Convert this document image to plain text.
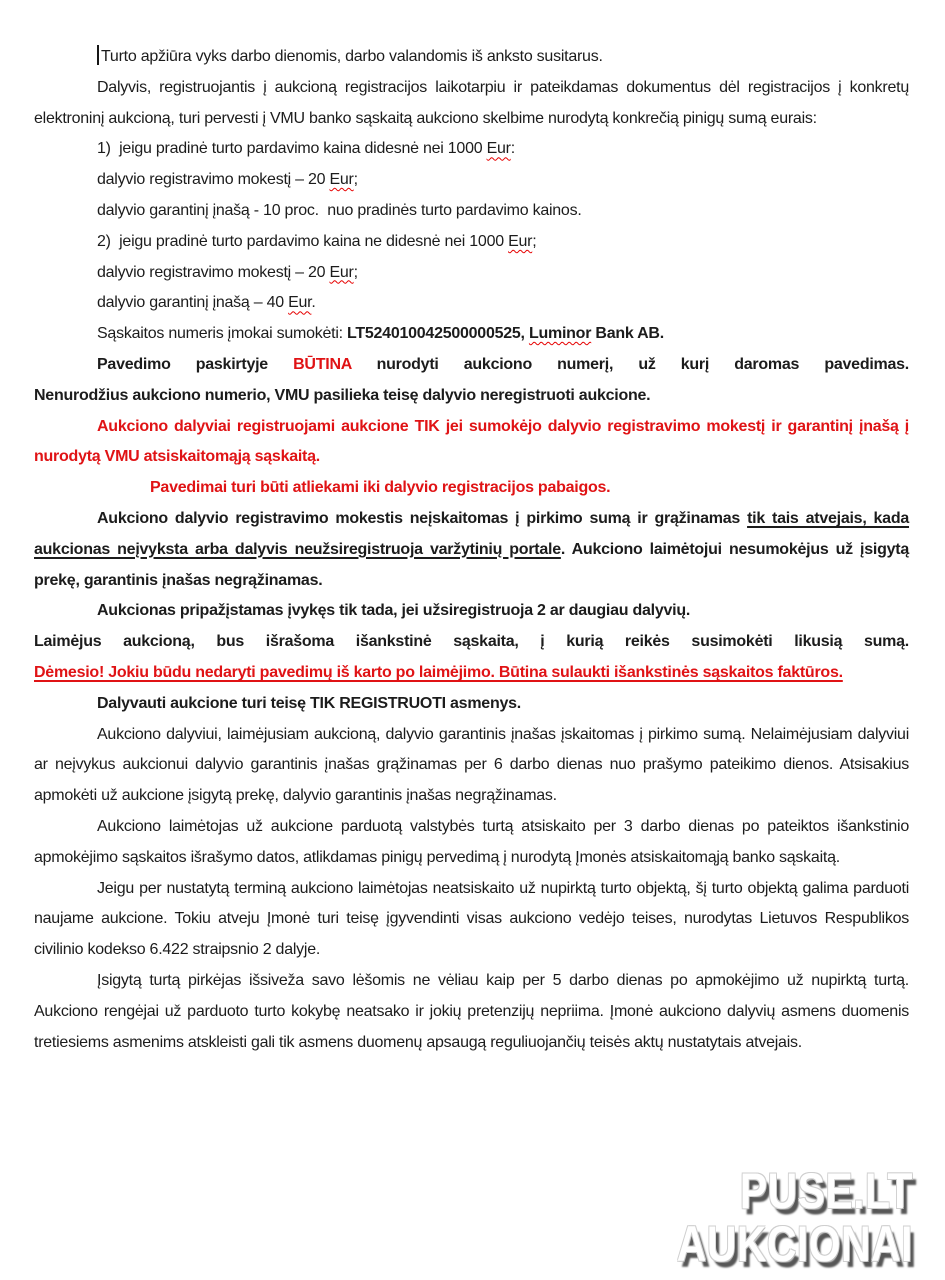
Turto apžiūra vyks darbo dienomis, darbo valandomis iš anksto susitarus.

Dalyvis, registruojantis į aukcioną registracijos laikotarpiu ir pateikdamas dokumentus dėl registracijos į konkretų elektroninį aukcioną, turi pervesti į VMU banko sąskaitą aukciono skelbime nurodytą konkrečią pinigų sumą eurais:

1)  jeigu pradinė turto pardavimo kaina didesnė nei 1000 Eur:

dalyvio registravimo mokestį – 20 Eur;

dalyvio garantinį įnašą - 10 proc.  nuo pradinės turto pardavimo kainos.

2)  jeigu pradinė turto pardavimo kaina ne didesnė nei 1000 Eur;

dalyvio registravimo mokestį – 20 Eur;

dalyvio garantinį įnašą – 40 Eur.

Sąskaitos numeris įmokai sumokėti: LT524010042500000525, Luminor Bank AB.

Pavedimo paskirtyje BŪTINA nurodyti aukciono numerį, už kurį daromas pavedimas.

Nenurodžius aukciono numerio, VMU pasilieka teisę dalyvio neregistruoti aukcione.

Aukciono dalyviai registruojami aukcione TIK jei sumokėjo dalyvio registravimo mokestį ir garantinį įnašą į nurodytą VMU atsiskaitomąją sąskaitą.

Pavedimai turi būti atliekami iki dalyvio registracijos pabaigos.

Aukciono dalyvio registravimo mokestis neįskaitomas į pirkimo sumą ir grąžinamas tik tais atvejais, kada aukcionas neįvyksta arba dalyvis neužsiregistruoja varžytinių portale. Aukciono laimėtojui nesumokėjus už įsigytą prekę, garantinis įnašas negrąžinamas.

Aukcionas pripažįstamas įvykęs tik tada, jei užsiregistruoja 2 ar daugiau dalyvių.

Laimėjus aukcioną, bus išrašoma išankstinė sąskaita, į kurią reikės susimokėti likusią sumą.

Dėmesio! Jokiu būdu nedaryti pavedimų iš karto po laimėjimo. Būtina sulaukti išankstinės sąskaitos faktūros.

Dalyvauti aukcione turi teisę TIK REGISTRUOTI asmenys.

Aukciono dalyviui, laimėjusiam aukcioną, dalyvio garantinis įnašas įskaitomas į pirkimo sumą. Nelaimėjusiam dalyviui ar neįvykus aukcionui dalyvio garantinis įnašas grąžinamas per 6 darbo dienas nuo prašymo pateikimo dienos. Atsisakius apmokėti už aukcione įsigytą prekę, dalyvio garantinis įnašas negrąžinamas.

Aukciono laimėtojas už aukcione parduotą valstybės turtą atsiskaito per 3 darbo dienas po pateiktos išankstinio apmokėjimo sąskaitos išrašymo datos, atlikdamas pinigų pervedimą į nurodytą Įmonės atsiskaitomąją banko sąskaitą.

Jeigu per nustatytą terminą aukciono laimėtojas neatsiskaito už nupirktą turto objektą, šį turto objektą galima parduoti naujame aukcione. Tokiu atveju Įmonė turi teisę įgyvendinti visas aukciono vedėjo teises, nurodytas Lietuvos Respublikos civilinio kodekso 6.422 straipsnio 2 dalyje.

Įsigytą turtą pirkėjas išsiveža savo lėšomis ne vėliau kaip per 5 darbo dienas po apmokėjimo už nupirktą turtą. Aukciono rengėjai už parduoto turto kokybę neatsako ir jokių pretenzijų nepriima. Įmonė aukciono dalyvių asmens duomenis tretiesiems asmenims atskleisti gali tik asmens duomenų apsaugą reguliuojančių teisės aktų nustatytais atvejais.

PUSE.LT
AUKCIONAI
